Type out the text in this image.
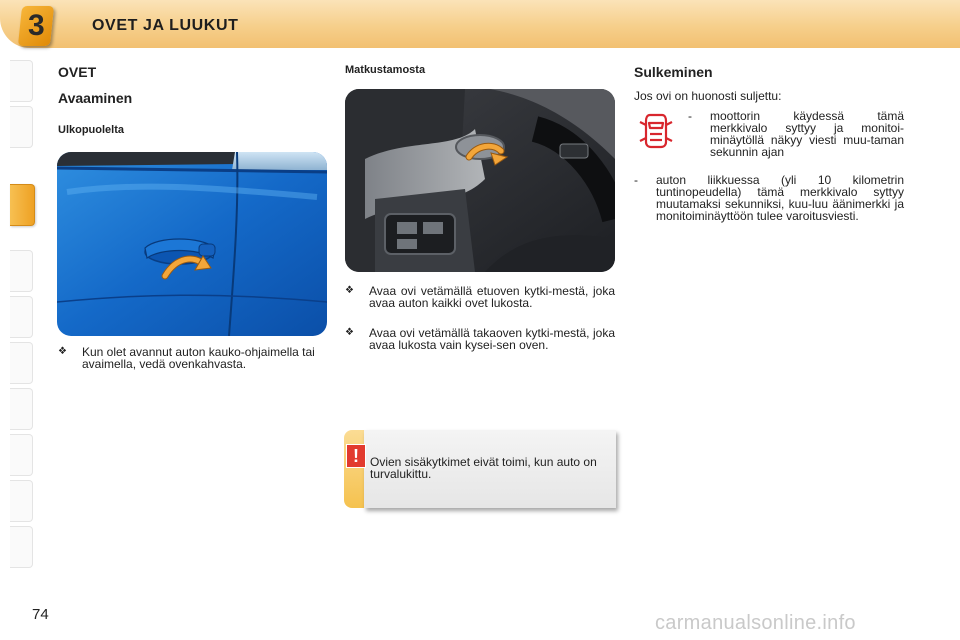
3	OVET JA LUUKUT
OVET
Avaaminen
Ulkopuolelta
❖	Kun olet avannut auton kauko-ohjaimella tai avaimella, vedä ovenkahvasta.
Matkustamosta
❖	Avaa ovi vetämällä etuoven kytki-mestä, joka avaa auton kaikki ovet lukosta.
❖	Avaa ovi vetämällä takaoven kytki-mestä, joka avaa lukosta vain kysei-sen oven.
! Ovien sisäkytkimet eivät toimi, kun auto on turvalukittu.
Sulkeminen
Jos ovi on huonosti suljettu:
-	moottorin käydessä tämä merkkivalo syttyy ja monitoi-minäytöllä näkyy viesti muu-taman sekunnin ajan
-	auton liikkuessa (yli 10 kilometrin tuntinopeudella) tämä merkkivalo syttyy muutamaksi sekunniksi, kuu-luu äänimerkki ja monitoiminäyttöön tulee varoitusviesti.
74	carmanualsonline.info
